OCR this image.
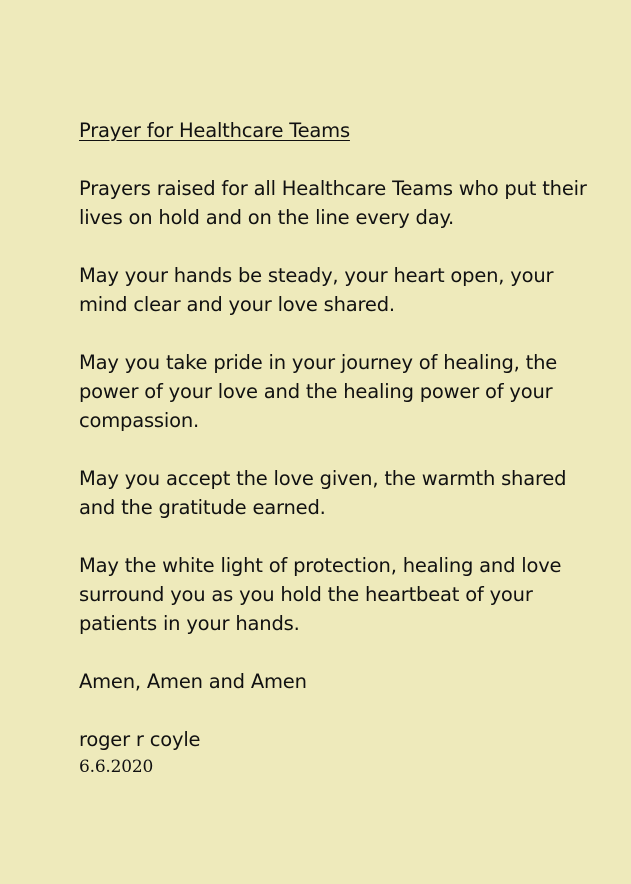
Prayer for Healthcare Teams

Prayers raised for all Healthcare Teams who put their lives on hold and on the line every day.

May your hands be steady, your heart open, your mind clear and your love shared.

May you take pride in your journey of healing, the power of your love and the healing power of your compassion.

May you accept the love given, the warmth shared and the gratitude earned.

May the white light of protection, healing and love surround you as you hold the heartbeat of your patients in your hands.

Amen, Amen and Amen

roger r coyle

6.6.2020
